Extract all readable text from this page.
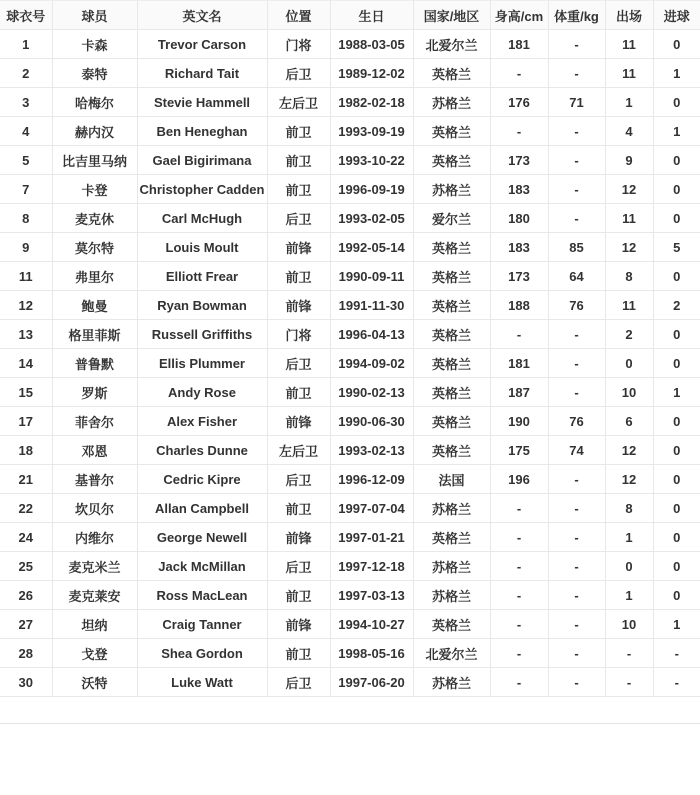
球衣号	球员	英文名	位置	生日	国家/地区	身高/cm	体重/kg	出场	进球
1	卡森	Trevor Carson	门将	1988-03-05	北爱尔兰	181	-	11	0
2	泰特	Richard Tait	后卫	1989-12-02	英格兰	-	-	11	1
3	哈梅尔	Stevie Hammell	左后卫	1982-02-18	苏格兰	176	71	1	0
4	赫内汉	Ben Heneghan	前卫	1993-09-19	英格兰	-	-	4	1
5	比吉里马纳	Gael Bigirimana	前卫	1993-10-22	英格兰	173	-	9	0
7	卡登	Christopher Cadden	前卫	1996-09-19	苏格兰	183	-	12	0
8	麦克休	Carl McHugh	后卫	1993-02-05	爱尔兰	180	-	11	0
9	莫尔特	Louis Moult	前锋	1992-05-14	英格兰	183	85	12	5
11	弗里尔	Elliott Frear	前卫	1990-09-11	英格兰	173	64	8	0
12	鲍曼	Ryan Bowman	前锋	1991-11-30	英格兰	188	76	11	2
13	格里菲斯	Russell Griffiths	门将	1996-04-13	英格兰	-	-	2	0
14	普鲁默	Ellis Plummer	后卫	1994-09-02	英格兰	181	-	0	0
15	罗斯	Andy Rose	前卫	1990-02-13	英格兰	187	-	10	1
17	菲舍尔	Alex Fisher	前锋	1990-06-30	英格兰	190	76	6	0
18	邓恩	Charles Dunne	左后卫	1993-02-13	英格兰	175	74	12	0
21	基普尔	Cedric Kipre	后卫	1996-12-09	法国	196	-	12	0
22	坎贝尔	Allan Campbell	前卫	1997-07-04	苏格兰	-	-	8	0
24	内维尔	George Newell	前锋	1997-01-21	英格兰	-	-	1	0
25	麦克米兰	Jack McMillan	后卫	1997-12-18	苏格兰	-	-	0	0
26	麦克莱安	Ross MacLean	前卫	1997-03-13	苏格兰	-	-	1	0
27	坦纳	Craig Tanner	前锋	1994-10-27	英格兰	-	-	10	1
28	戈登	Shea Gordon	前卫	1998-05-16	北爱尔兰	-	-	-	-
30	沃特	Luke Watt	后卫	1997-06-20	苏格兰	-	-	-	-
